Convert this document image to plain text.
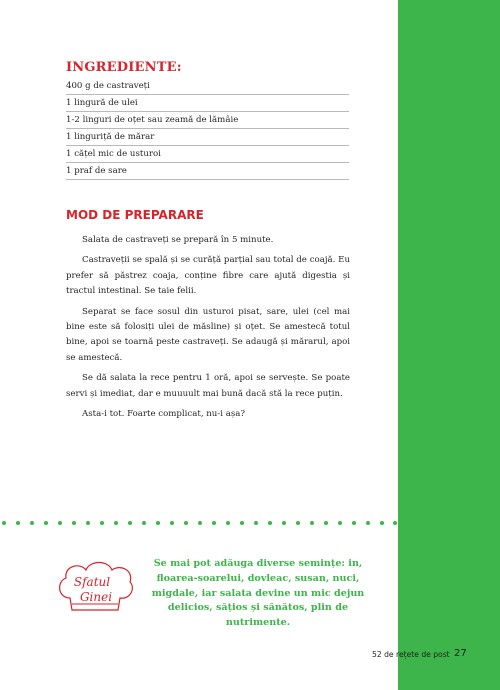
INGREDIENTE:
400 g de castraveți
1 lingură de ulei
1-2 linguri de oțet sau zeamă de lămâie
1 linguriță de mărar
1 cățel mic de usturoi
1 praf de sare
MOD DE PREPARARE

Salata de castraveți se prepară în 5 minute.

Castraveții se spală și se curăță parțial sau total de coajă. Eu prefer să păstrez coaja, conține fibre care ajută digestia și tractul intestinal. Se taie felii.

Separat se face sosul din usturoi pisat, sare, ulei (cel mai bine este să folosiți ulei de măsline) și oțet. Se amestecă totul bine, apoi se toarnă peste castraveți. Se adaugă și mărarul, apoi se amestecă.

Se dă salata la rece pentru 1 oră, apoi se servește. Se poate servi și imediat, dar e muuuult mai bună dacă stă la rece puțin.

Asta-i tot. Foarte complicat, nu-i așa?

Sfatul
Ginei
Se mai pot adăuga diverse semințe: in, floarea-soarelui, dovleac, susan, nuci, migdale, iar salata devine un mic dejun delicios, sățios și sănătos, plin de nutrimente.
52 de rețete de post 27
